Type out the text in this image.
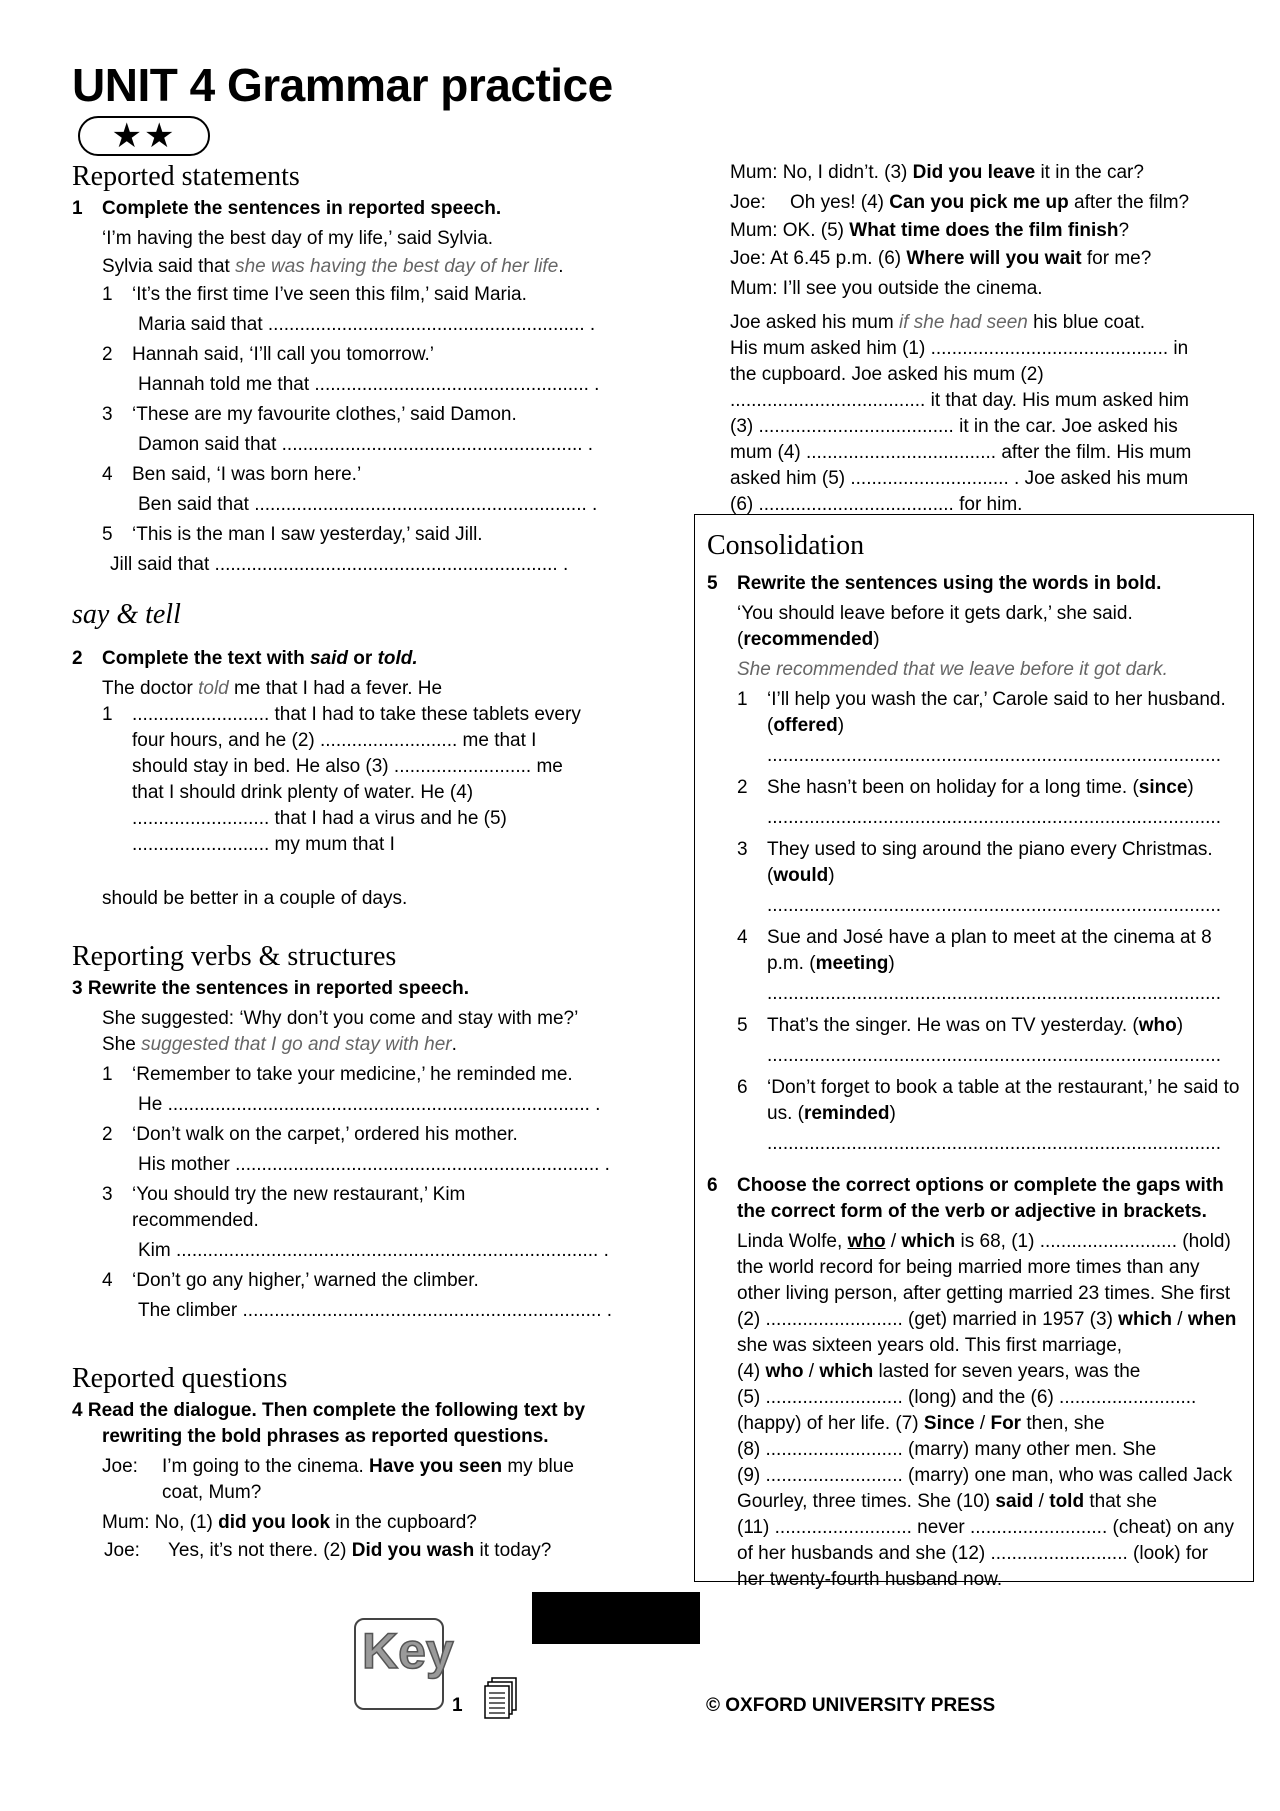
UNIT 4 Grammar practice
★★
Reported statements
1	Complete the sentences in reported speech.
‘I’m having the best day of my life,’ said Sylvia.
Sylvia said that she was having the best day of her life.
1	‘It’s the first time I’ve seen this film,’ said Maria.
Maria said that ............................................................ .
2	Hannah said, ‘I’ll call you tomorrow.’
Hannah told me that .................................................... .
3	‘These are my favourite clothes,’ said Damon.
Damon said that ......................................................... .
4	Ben said, ‘I was born here.’
Ben said that ............................................................... .
5	‘This is the man I saw yesterday,’ said Jill.
Jill said that ................................................................. .
say & tell
2	Complete the text with said or told.
The doctor told me that I had a fever. He
1	.......................... that I had to take these tablets every
four hours, and he (2) .......................... me that I
should stay in bed. He also (3) .......................... me
that I should drink plenty of water. He (4)
.......................... that I had a virus and he (5)
.......................... my mum that I
should be better in a couple of days.
Reporting verbs & structures
3 Rewrite the sentences in reported speech.
She suggested: ‘Why don’t you come and stay with me?’
She suggested that I go and stay with her.
1	‘Remember to take your medicine,’ he reminded me.
He ................................................................................ .
2	‘Don’t walk on the carpet,’ ordered his mother.
His mother ..................................................................... .
3	‘You should try the new restaurant,’ Kim
recommended.
Kim ................................................................................ .
4	‘Don’t go any higher,’ warned the climber.
The climber .................................................................... .
Reported questions
4 Read the dialogue. Then complete the following text by
rewriting the bold phrases as reported questions.
Joe:	I’m going to the cinema. Have you seen my blue
coat, Mum?
Mum: No, (1) did you look in the cupboard?
Joe:	Yes, it’s not there. (2) Did you wash it today?
Mum: No, I didn’t. (3) Did you leave it in the car?
Joe:	Oh yes! (4) Can you pick me up after the film?
Mum: OK. (5) What time does the film finish?
Joe: At 6.45 p.m. (6) Where will you wait for me?
Mum: I’ll see you outside the cinema.
Joe asked his mum if she had seen his blue coat.
His mum asked him (1) ............................................. in
the cupboard. Joe asked his mum (2)
..................................... it that day. His mum asked him
(3) ..................................... it in the car. Joe asked his
mum (4) .................................... after the film. His mum
asked him (5) .............................. . Joe asked his mum
(6) ..................................... for him.
Consolidation
5	Rewrite the sentences using the words in bold.
‘You should leave before it gets dark,’ she said.
(recommended)
She recommended that we leave before it got dark.
1	‘I’ll help you wash the car,’ Carole said to her husband.
(offered)
......................................................................................
2	She hasn’t been on holiday for a long time. (since)
......................................................................................
3	They used to sing around the piano every Christmas.
(would)
......................................................................................
4	Sue and José have a plan to meet at the cinema at 8 p.m. (meeting)
......................................................................................
5	That’s the singer. He was on TV yesterday. (who)
......................................................................................
6	‘Don’t forget to book a table at the restaurant,’ he said to us. (reminded)
......................................................................................
6	Choose the correct options or complete the gaps with
the correct form of the verb or adjective in brackets.
Linda Wolfe, who / which is 68, (1) .......................... (hold)
the world record for being married more times than any
other living person, after getting married 23 times. She first
(2) .......................... (get) married in 1957 (3) which / when
she was sixteen years old. This first marriage,
(4) who / which lasted for seven years, was the
(5) .......................... (long) and the (6) ..........................
(happy) of her life. (7) Since / For then, she
(8) .......................... (marry) many other men. She
(9) .......................... (marry) one man, who was called Jack
Gourley, three times. She (10) said / told that she
(11) .......................... never .......................... (cheat) on any
of her husbands and she (12) .......................... (look) for
her twenty-fourth husband now.
Key
1	© OXFORD UNIVERSITY PRESS
